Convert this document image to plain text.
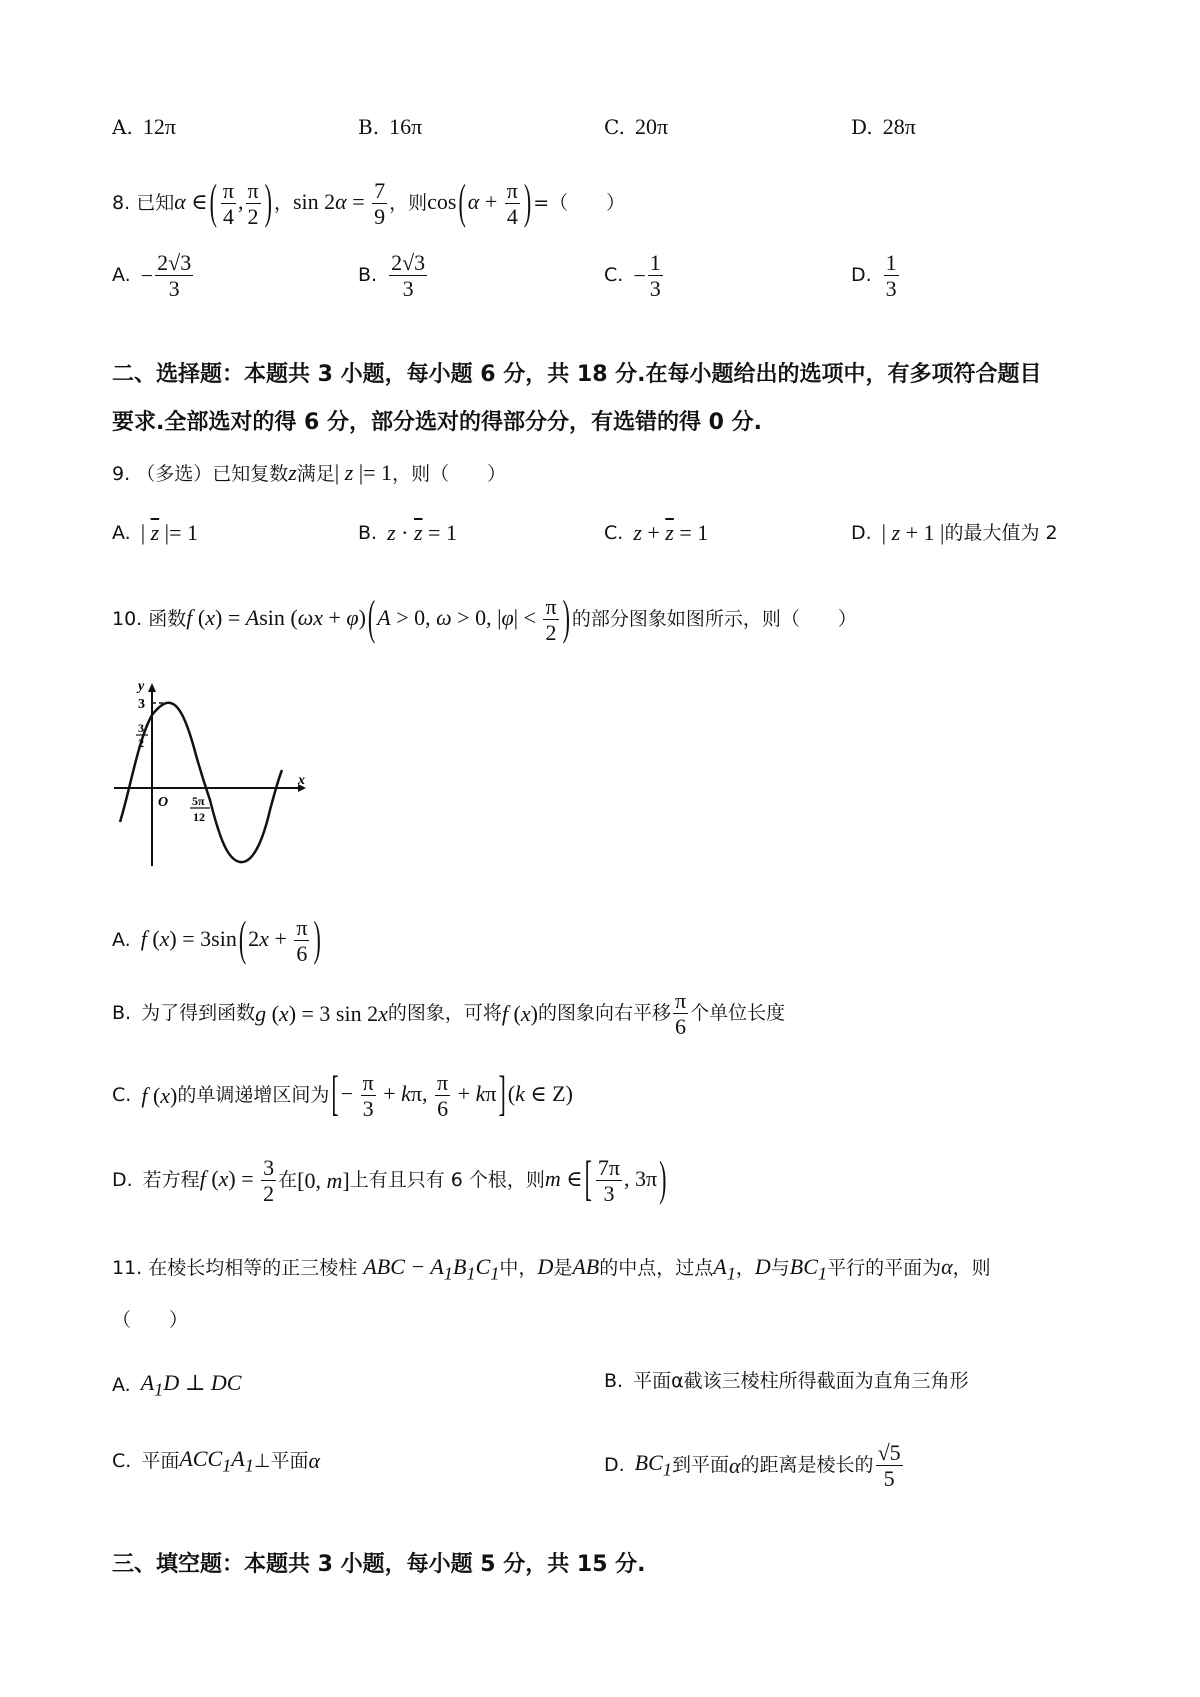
A. 12π	B. 16π	C. 20π	D. 28π
8.
已知 α ∈( $\frac{\pi}{4}$ , $\frac{\pi}{2}$ ) ， $\sin 2\alpha = \frac{7}{9}$ ，则 $\cos(\alpha + \frac{\pi}{4}$ ) =（　　）
A. − $\frac{2√3}{3}$	B. $\frac{2√3}{3}$	C. − $\frac{1}{3}$	D. $\frac{1}{3}$
二、选择题：本题共 3 小题，每小题 6 分，共 18 分.在每小题给出的选项中，有多项符合题目
要求.全部选对的得 6 分，部分选对的得部分分，有选错的得 0 分.
9. （多选）已知复数z满足| z |= 1，则（　　）
A. | $\overline{z}$ |= 1	B. $z \cdot \overline{z} = 1$	C. $z + \overline{z} = 1$	D. | z + 1 | 的最大值为 2
10.
函数 f (x) = Asin (ωx + φ)(A > 0, ω > 0, $|\varphi| < \frac{\pi}{2}$ ) 的部分图象如图所示，则（　　）
y
x
3
3
2
O 5π
12
A. f $(x) = 3\sin(2x + \frac{\pi}{6}$ )
B. 为了得到函数 g (x) = 3 sin 2x 的图象，可将 f (x) 的图象向右平移 $\frac{\pi}{6}$ 个单位长度
C. f (x) 的单调递增区间为 [− $\frac{\pi}{3} + k\pi$, $\frac{\pi}{6} + k\pi](k$ ∈ Z)
D. 若方程 f $(x) = \frac{3}{2}$ 在 [0, m] 上有且只有 6 个根，则 m ∈[ $\frac{7\pi}{3}$ , 3π)
11. 在棱长均相等的正三棱柱 ABC − $A_1B_1C_1$中，D是AB的中点，过点$A_1$，D与$BC_1$平行的平面为α，则
（　　）
A. $A_1D$ ⊥ DC	B. 平面α截该三棱柱所得截面为直角三角形
C. 平面 $ACC_1A_1$ ⊥平面 α	D. $BC_1$ 到平面 α 的距离是棱长的 $\frac{√5}{5}$
三、填空题：本题共 3 小题，每小题 5 分，共 15 分.
